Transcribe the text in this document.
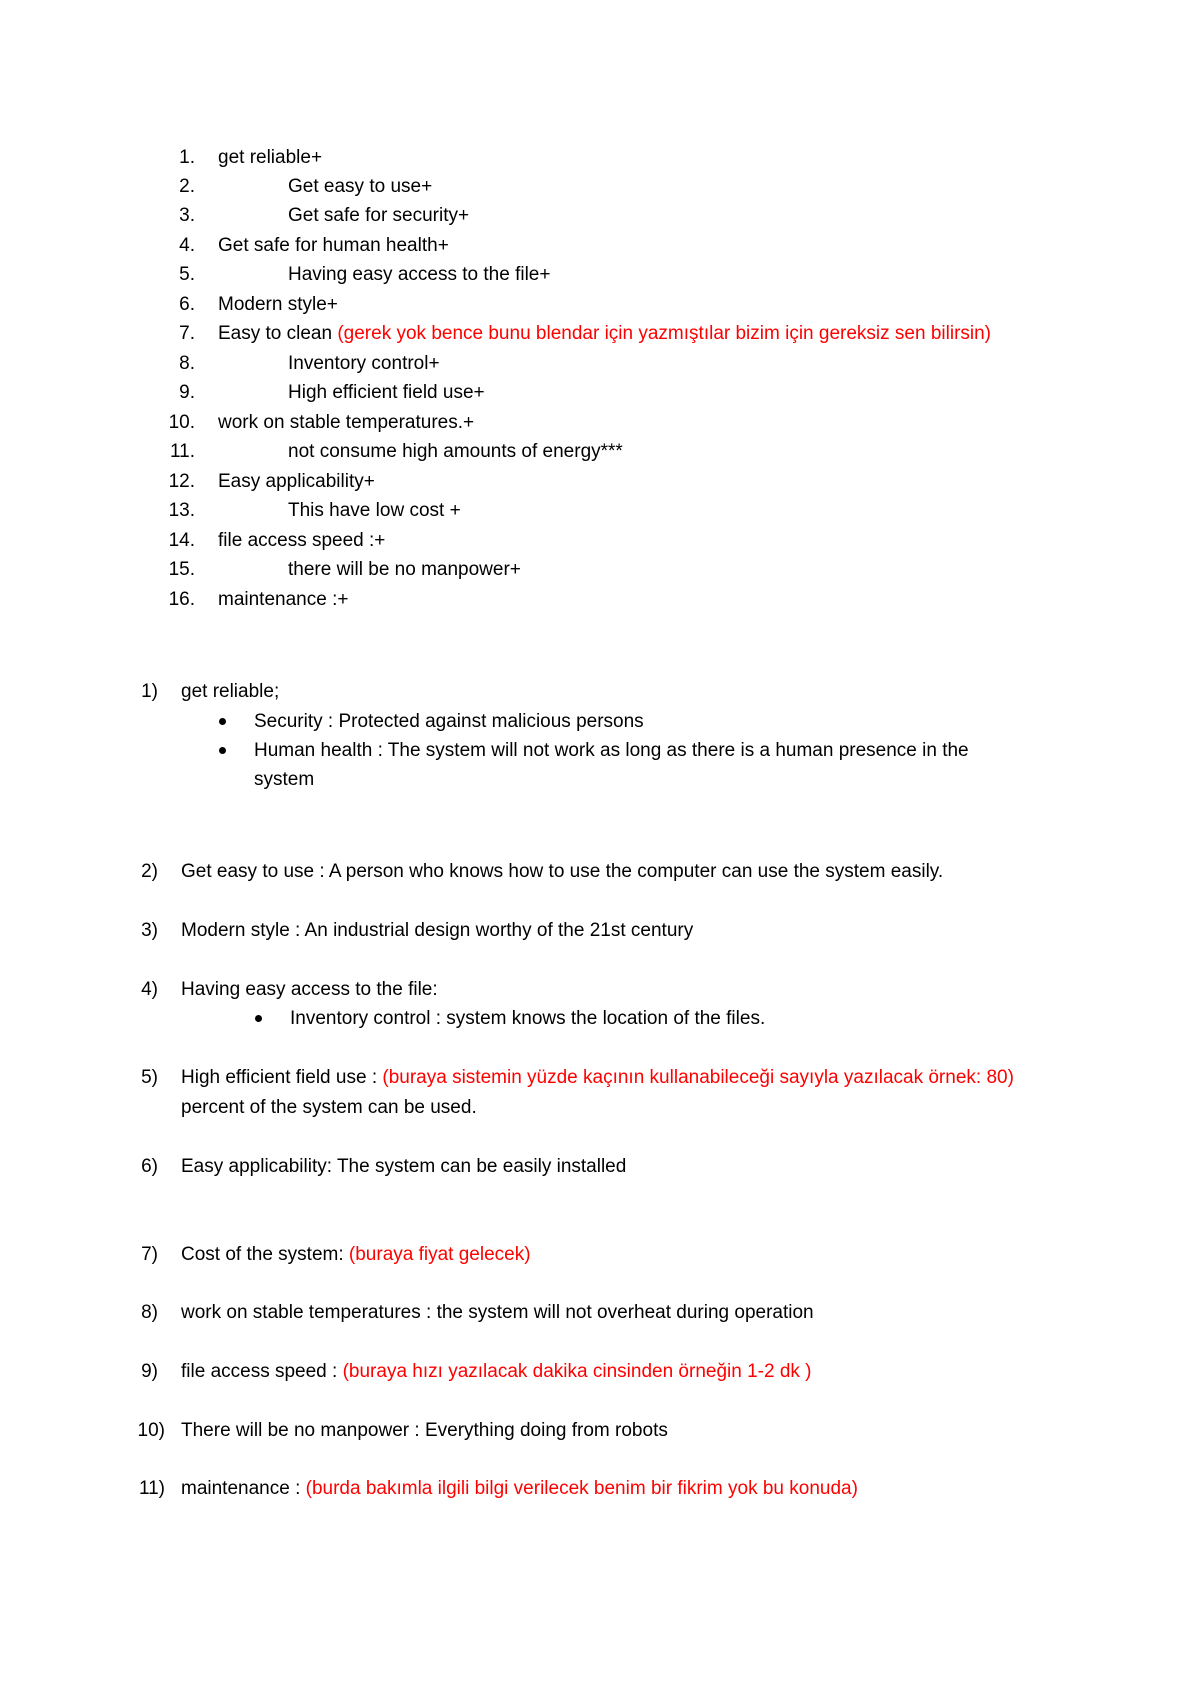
1. get reliable+
2.	Get easy to use+
3.	Get safe for security+
4. Get safe for human health+
5.	Having easy access to the file+
6. Modern style+
7. Easy to clean (gerek yok bence bunu blendar için yazmıştılar bizim için gereksiz sen bilirsin)
8.	Inventory control+
9.	High efficient field use+
10. work on stable temperatures.+
11.	not consume high amounts of energy***
12. Easy applicability+
13.	This have low cost +
14. file access speed :+
15.	there will be no manpower+
16. maintenance :+
1) get reliable;
Security : Protected against malicious persons
Human health : The system will not work as long as there is a human presence in the
system
2) Get easy to use : A person who knows how to use the computer can use the system easily.
3) Modern style : An industrial design worthy of the 21st century
4) Having easy access to the file:
Inventory control : system knows the location of the files.
5) High efficient field use : (buraya sistemin yüzde kaçının kullanabileceği sayıyla yazılacak örnek: 80)
percent of the system can be used.
6) Easy applicability: The system can be easily installed
7) Cost of the system: (buraya fiyat gelecek)
8) work on stable temperatures : the system will not overheat during operation
9) file access speed : (buraya hızı yazılacak dakika cinsinden örneğin 1-2 dk )
10) There will be no manpower : Everything doing from robots
11) maintenance : (burda bakımla ilgili bilgi verilecek benim bir fikrim yok bu konuda)
